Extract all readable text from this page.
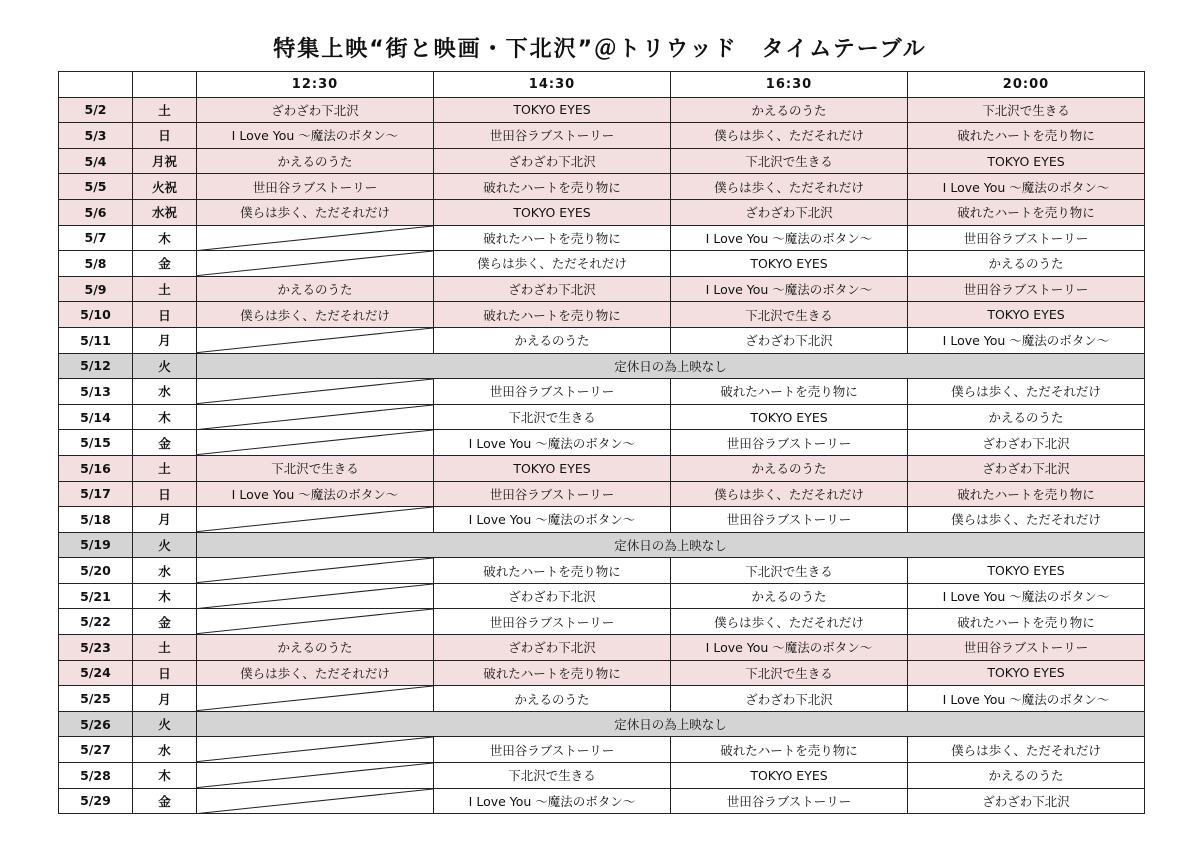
特集上映“街と映画・下北沢”＠トリウッド　タイムテーブル
		12:30	14:30	16:30	20:00
5/2	土	ざわざわ下北沢	TOKYO EYES	かえるのうた	下北沢で生きる
5/3	日	I Love You 〜魔法のボタン〜	世田谷ラブストーリー	僕らは歩く、ただそれだけ	破れたハートを売り物に
5/4	月祝	かえるのうた	ざわざわ下北沢	下北沢で生きる	TOKYO EYES
5/5	火祝	世田谷ラブストーリー	破れたハートを売り物に	僕らは歩く、ただそれだけ	I Love You 〜魔法のボタン〜
5/6	水祝	僕らは歩く、ただそれだけ	TOKYO EYES	ざわざわ下北沢	破れたハートを売り物に
5/7	木		破れたハートを売り物に	I Love You 〜魔法のボタン〜	世田谷ラブストーリー
5/8	金		僕らは歩く、ただそれだけ	TOKYO EYES	かえるのうた
5/9	土	かえるのうた	ざわざわ下北沢	I Love You 〜魔法のボタン〜	世田谷ラブストーリー
5/10	日	僕らは歩く、ただそれだけ	破れたハートを売り物に	下北沢で生きる	TOKYO EYES
5/11	月		かえるのうた	ざわざわ下北沢	I Love You 〜魔法のボタン〜
5/12	火	定休日の為上映なし			
5/13	水		世田谷ラブストーリー	破れたハートを売り物に	僕らは歩く、ただそれだけ
5/14	木		下北沢で生きる	TOKYO EYES	かえるのうた
5/15	金		I Love You 〜魔法のボタン〜	世田谷ラブストーリー	ざわざわ下北沢
5/16	土	下北沢で生きる	TOKYO EYES	かえるのうた	ざわざわ下北沢
5/17	日	I Love You 〜魔法のボタン〜	世田谷ラブストーリー	僕らは歩く、ただそれだけ	破れたハートを売り物に
5/18	月		I Love You 〜魔法のボタン〜	世田谷ラブストーリー	僕らは歩く、ただそれだけ
5/19	火	定休日の為上映なし			
5/20	水		破れたハートを売り物に	下北沢で生きる	TOKYO EYES
5/21	木		ざわざわ下北沢	かえるのうた	I Love You 〜魔法のボタン〜
5/22	金		世田谷ラブストーリー	僕らは歩く、ただそれだけ	破れたハートを売り物に
5/23	土	かえるのうた	ざわざわ下北沢	I Love You 〜魔法のボタン〜	世田谷ラブストーリー
5/24	日	僕らは歩く、ただそれだけ	破れたハートを売り物に	下北沢で生きる	TOKYO EYES
5/25	月		かえるのうた	ざわざわ下北沢	I Love You 〜魔法のボタン〜
5/26	火	定休日の為上映なし			
5/27	水		世田谷ラブストーリー	破れたハートを売り物に	僕らは歩く、ただそれだけ
5/28	木		下北沢で生きる	TOKYO EYES	かえるのうた
5/29	金		I Love You 〜魔法のボタン〜	世田谷ラブストーリー	ざわざわ下北沢
